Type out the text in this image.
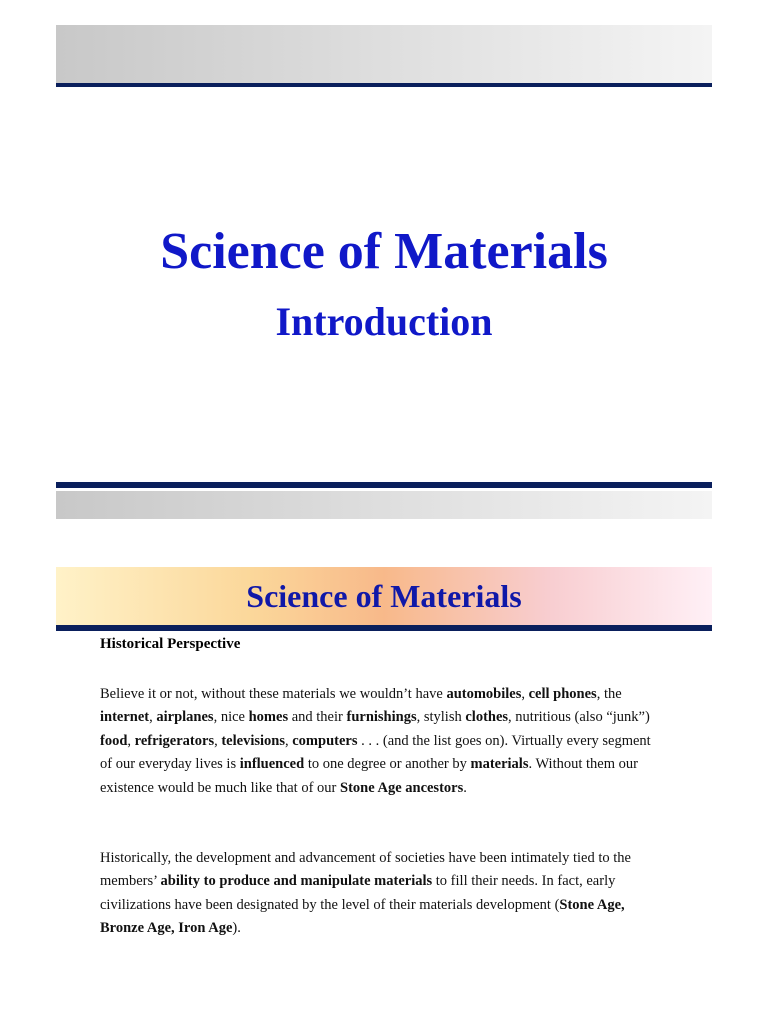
Science of Materials
Introduction
Science of Materials
Historical Perspective

Believe it or not, without these materials we wouldn’t have automobiles, cell phones, the internet, airplanes, nice homes and their furnishings, stylish clothes, nutritious (also “junk”) food, refrigerators, televisions, computers . . . (and the list goes on). Virtually every segment of our everyday lives is influenced to one degree or another by materials. Without them our existence would be much like that of our Stone Age ancestors.

Historically, the development and advancement of societies have been intimately tied to the members’ ability to produce and manipulate materials to fill their needs. In fact, early civilizations have been designated by the level of their materials development (Stone Age, Bronze Age, Iron Age).
